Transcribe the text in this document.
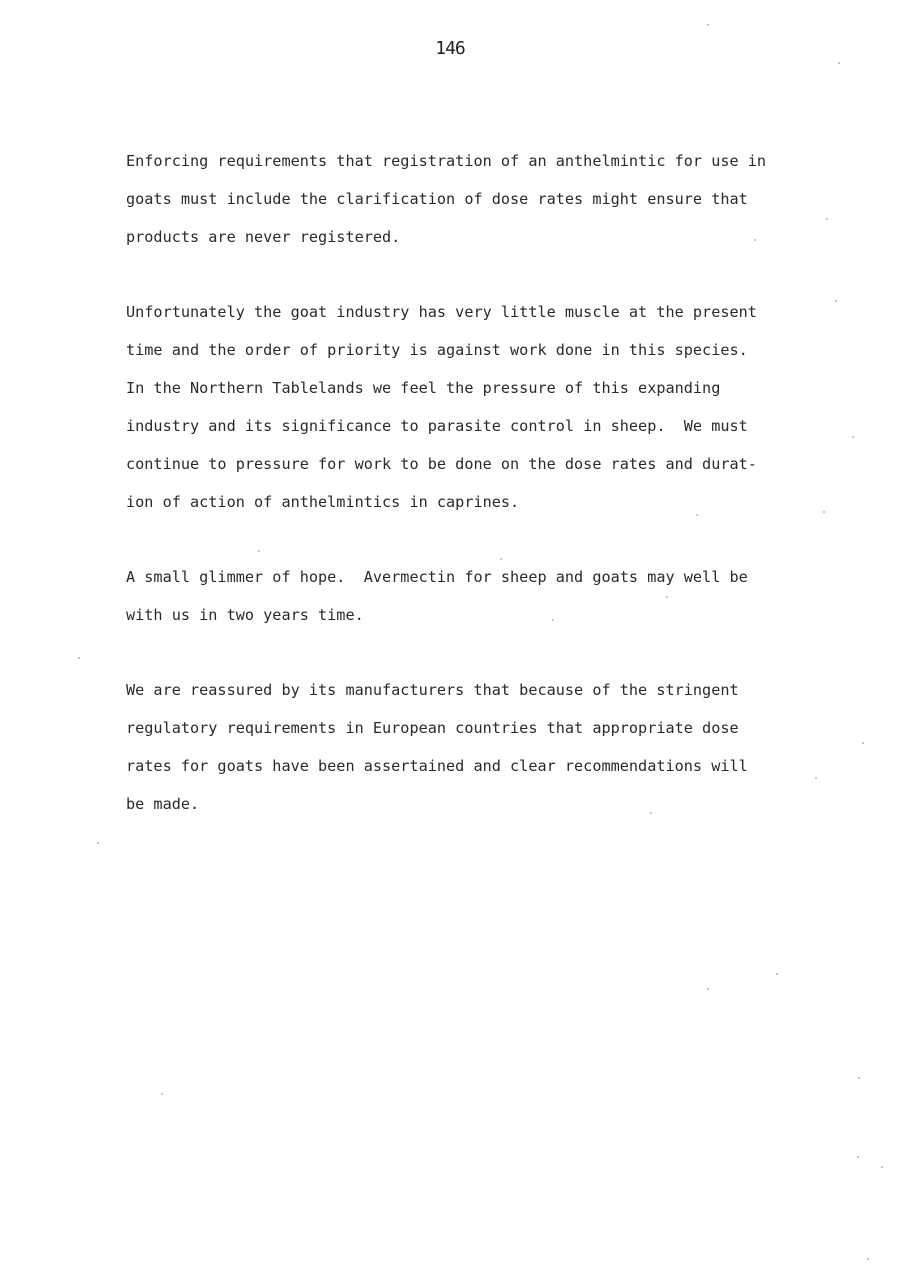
146
Enforcing requirements that registration of an anthelmintic for use in
goats must include the clarification of dose rates might ensure that
products are never registered.
Unfortunately the goat industry has very little muscle at the present
time and the order of priority is against work done in this species.
In the Northern Tablelands we feel the pressure of this expanding
industry and its significance to parasite control in sheep.  We must
continue to pressure for work to be done on the dose rates and durat-
ion of action of anthelmintics in caprines.
A small glimmer of hope.  Avermectin for sheep and goats may well be
with us in two years time.
We are reassured by its manufacturers that because of the stringent
regulatory requirements in European countries that appropriate dose
rates for goats have been assertained and clear recommendations will
be made.
